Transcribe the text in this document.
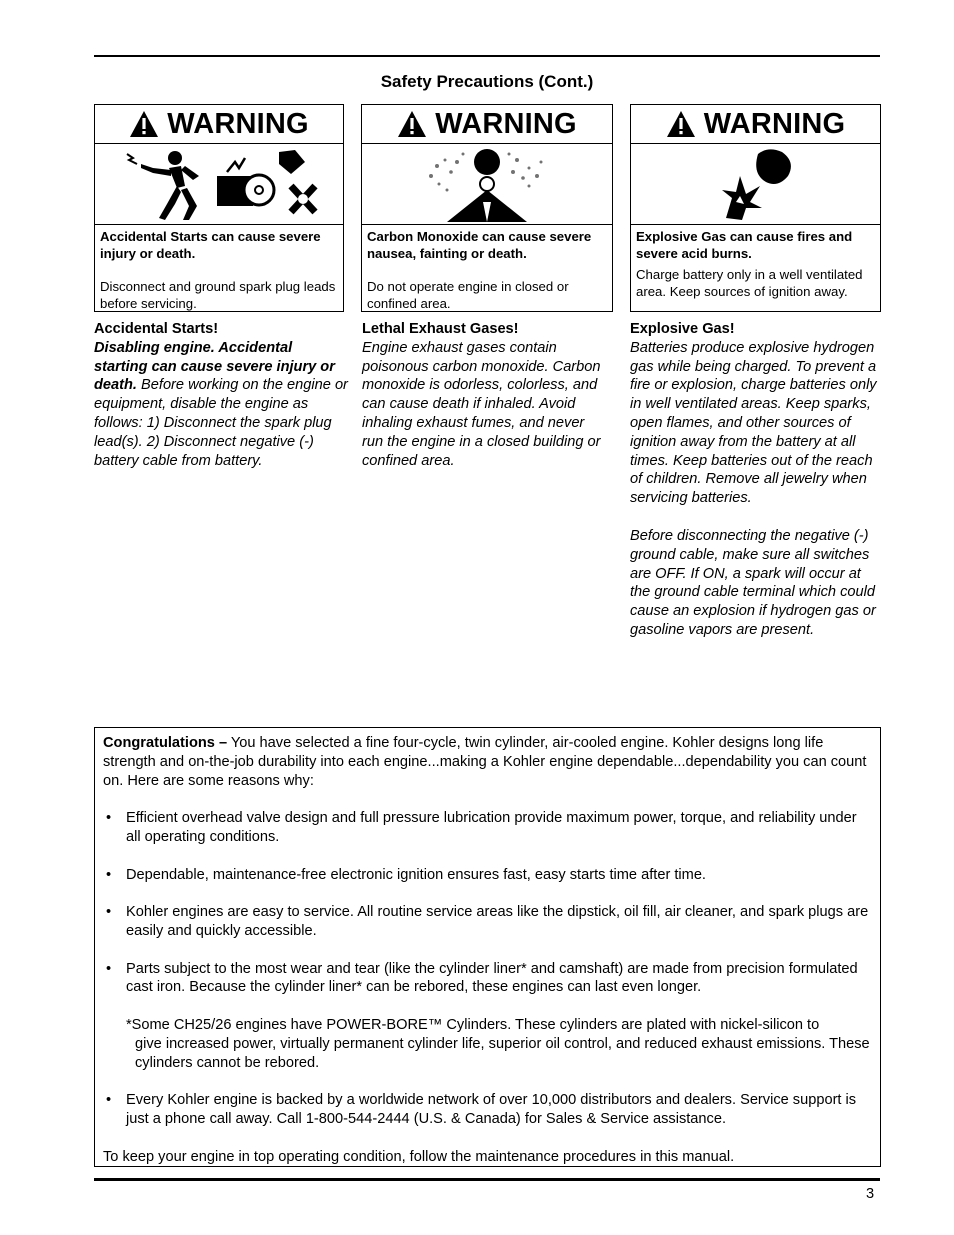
Safety Precautions (Cont.)
WARNING
Accidental Starts can cause severe injury or death.
Disconnect and ground spark plug leads before servicing.
WARNING
Carbon Monoxide can cause severe nausea, fainting or death.
Do not operate engine in closed or confined area.
WARNING
Explosive Gas can cause fires and severe acid burns.
Charge battery only in a well ventilated area. Keep sources of ignition away.
Accidental Starts!
Disabling engine. Accidental starting can cause severe injury or death. Before working on the engine or equipment, disable the engine as follows: 1) Disconnect the spark plug lead(s). 2) Disconnect negative (-) battery cable from battery.
Lethal Exhaust Gases!
Engine exhaust gases contain poisonous carbon monoxide. Carbon monoxide is odorless, colorless, and can cause death if inhaled. Avoid inhaling exhaust fumes, and never run the engine in a closed building or confined area.
Explosive Gas!
Batteries produce explosive hydrogen gas while being charged. To prevent a fire or explosion, charge batteries only in well ventilated areas. Keep sparks, open flames, and other sources of ignition away from the battery at all times. Keep batteries out of the reach of children. Remove all jewelry when servicing batteries.
Before disconnecting the negative (-) ground cable, make sure all switches are OFF. If ON, a spark will occur at the ground cable terminal which could cause an explosion if hydrogen gas or gasoline vapors are present.
Congratulations – You have selected a fine four-cycle, twin cylinder, air-cooled engine. Kohler designs long life strength and on-the-job durability into each engine...making a Kohler engine dependable...dependability you can count on. Here are some reasons why:
•	Efficient overhead valve design and full pressure lubrication provide maximum power, torque, and reliability under all operating conditions.
•	Dependable, maintenance-free electronic ignition ensures fast, easy starts time after time.
•	Kohler engines are easy to service. All routine service areas like the dipstick, oil fill, air cleaner, and spark plugs are easily and quickly accessible.
•	Parts subject to the most wear and tear (like the cylinder liner* and camshaft) are made from precision formulated cast iron. Because the cylinder liner* can be rebored, these engines can last even longer.
*Some CH25/26 engines have POWER-BORE™ Cylinders. These cylinders are plated with nickel-silicon to
give increased power, virtually permanent cylinder life, superior oil control, and reduced exhaust emissions. These cylinders cannot be rebored.
•	Every Kohler engine is backed by a worldwide network of over 10,000 distributors and dealers. Service support is just a phone call away. Call 1-800-544-2444 (U.S. & Canada) for Sales & Service assistance.
To keep your engine in top operating condition, follow the maintenance procedures in this manual.
3
